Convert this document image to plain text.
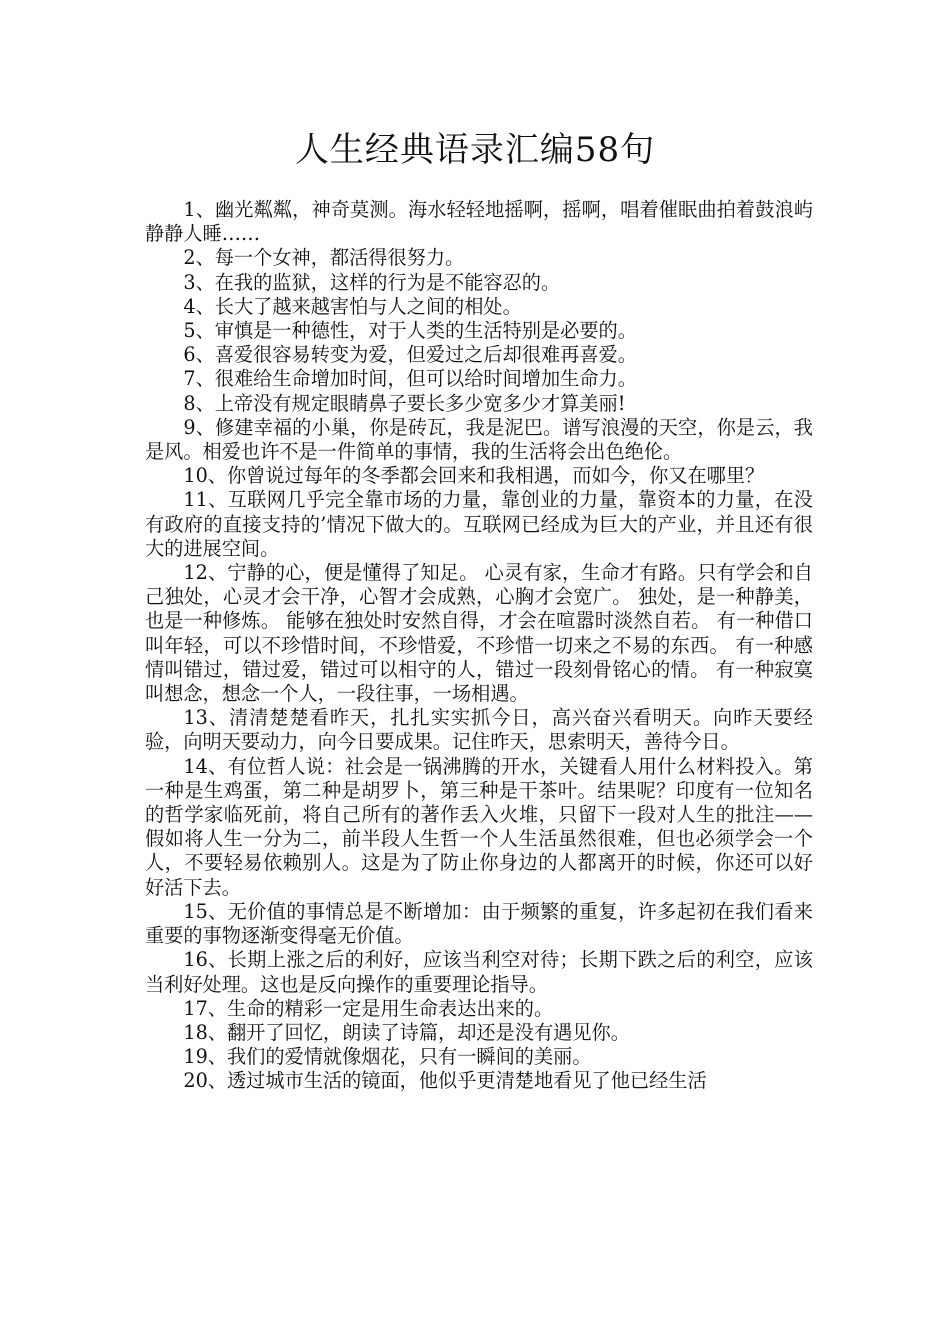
人生经典语录汇编58句

1、幽光粼粼，神奇莫测。海水轻轻地摇啊，摇啊，唱着催眠曲拍着鼓浪屿静静人睡……

2、每一个女神，都活得很努力。

3、在我的监狱，这样的行为是不能容忍的。

4、长大了越来越害怕与人之间的相处。

5、审慎是一种德性，对于人类的生活特别是必要的。

6、喜爱很容易转变为爱，但爱过之后却很难再喜爱。

7、很难给生命增加时间，但可以给时间增加生命力。

8、上帝没有规定眼睛鼻子要长多少宽多少才算美丽!

9、修建幸福的小巢，你是砖瓦，我是泥巴。谱写浪漫的天空，你是云，我是风。相爱也许不是一件简单的事情，我的生活将会出色绝伦。

10、你曾说过每年的冬季都会回来和我相遇，而如今，你又在哪里？

11、互联网几乎完全靠市场的力量，靠创业的力量，靠资本的力量，在没有政府的直接支持的’情况下做大的。互联网已经成为巨大的产业，并且还有很大的进展空间。

12、宁静的心，便是懂得了知足。 心灵有家，生命才有路。只有学会和自己独处，心灵才会干净，心智才会成熟，心胸才会宽广。 独处，是一种静美，也是一种修炼。 能够在独处时安然自得，才会在喧嚣时淡然自若。 有一种借口叫年轻，可以不珍惜时间，不珍惜爱，不珍惜一切来之不易的东西。 有一种感情叫错过，错过爱，错过可以相守的人，错过一段刻骨铭心的情。 有一种寂寞叫想念，想念一个人，一段往事，一场相遇。

13、清清楚楚看昨天，扎扎实实抓今日，高兴奋兴看明天。向昨天要经验，向明天要动力，向今日要成果。记住昨天，思索明天，善待今日。

14、有位哲人说：社会是一锅沸腾的开水，关键看人用什么材料投入。第一种是生鸡蛋，第二种是胡罗卜，第三种是干茶叶。结果呢？印度有一位知名的哲学家临死前，将自己所有的著作丢入火堆，只留下一段对人生的批注——假如将人生一分为二，前半段人生哲一个人生活虽然很难，但也必须学会一个人，不要轻易依赖别人。这是为了防止你身边的人都离开的时候，你还可以好好活下去。

15、无价值的事情总是不断增加：由于频繁的重复，许多起初在我们看来重要的事物逐渐变得毫无价值。

16、长期上涨之后的利好，应该当利空对待；长期下跌之后的利空，应该当利好处理。这也是反向操作的重要理论指导。

17、生命的精彩一定是用生命表达出来的。

18、翻开了回忆，朗读了诗篇，却还是没有遇见你。

19、我们的爱情就像烟花，只有一瞬间的美丽。

20、透过城市生活的镜面，他似乎更清楚地看见了他已经生活
